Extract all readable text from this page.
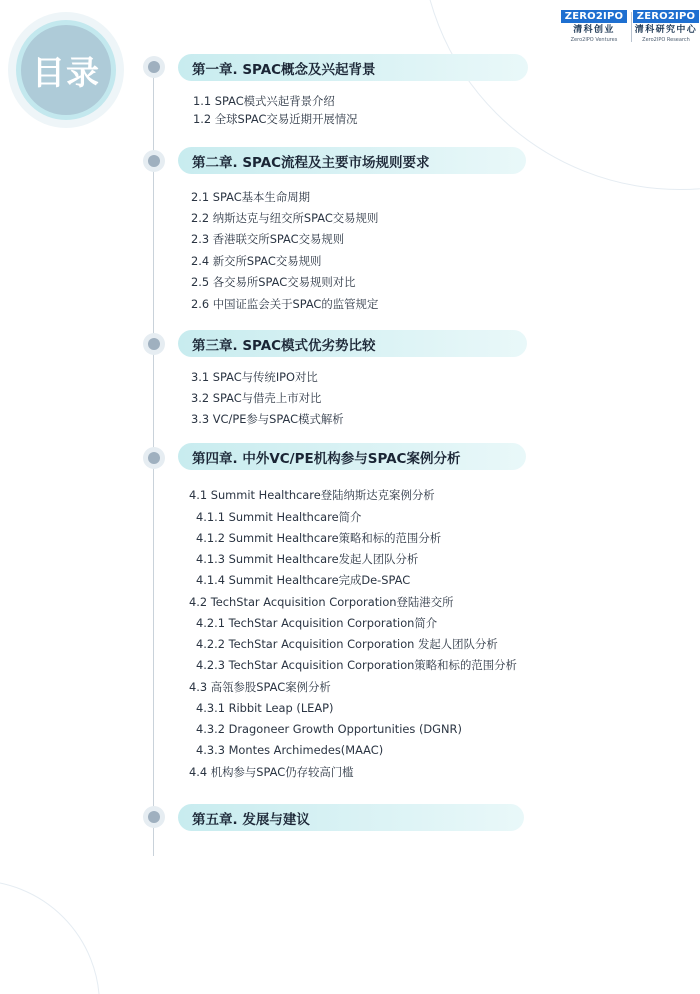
目录
ZERO2IPO
清科创业
Zero2IPO Ventures
ZERO2IPO
清科研究中心
Zero2IPO Research
第一章. SPAC概念及兴起背景
1.1 SPAC模式兴起背景介绍
1.2 全球SPAC交易近期开展情况
第二章. SPAC流程及主要市场规则要求
2.1 SPAC基本生命周期
2.2 纳斯达克与纽交所SPAC交易规则
2.3 香港联交所SPAC交易规则
2.4 新交所SPAC交易规则
2.5 各交易所SPAC交易规则对比
2.6 中国证监会关于SPAC的监管规定
第三章. SPAC模式优劣势比较
3.1 SPAC与传统IPO对比
3.2 SPAC与借壳上市对比
3.3 VC/PE参与SPAC模式解析
第四章. 中外VC/PE机构参与SPAC案例分析
4.1 Summit Healthcare登陆纳斯达克案例分析
4.1.1 Summit Healthcare简介
4.1.2 Summit Healthcare策略和标的范围分析
4.1.3 Summit Healthcare发起人团队分析
4.1.4 Summit Healthcare完成De-SPAC
4.2 TechStar Acquisition Corporation登陆港交所
4.2.1 TechStar Acquisition Corporation简介
4.2.2 TechStar Acquisition Corporation 发起人团队分析
4.2.3 TechStar Acquisition Corporation策略和标的范围分析
4.3 高瓴参股SPAC案例分析
4.3.1 Ribbit Leap (LEAP)
4.3.2 Dragoneer Growth Opportunities (DGNR)
4.3.3 Montes Archimedes(MAAC)
4.4 机构参与SPAC仍存较高门槛
第五章. 发展与建议
